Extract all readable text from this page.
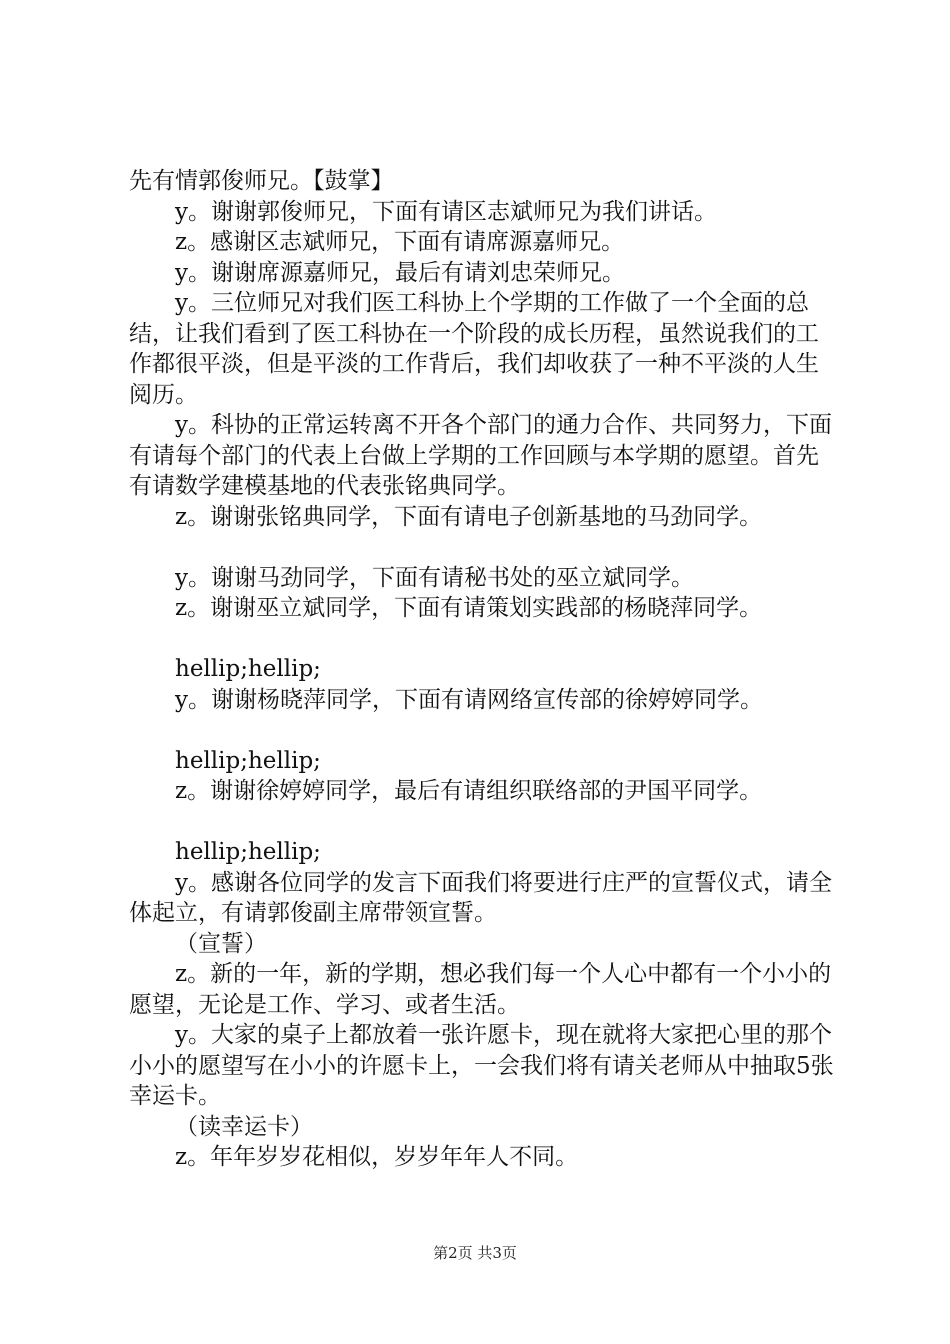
先有情郭俊师兄。【鼓掌】

y。谢谢郭俊师兄，下面有请区志斌师兄为我们讲话。

z。感谢区志斌师兄，下面有请席源嘉师兄。

y。谢谢席源嘉师兄，最后有请刘忠荣师兄。

y。三位师兄对我们医工科协上个学期的工作做了一个全面的总结，让我们看到了医工科协在一个阶段的成长历程，虽然说我们的工作都很平淡，但是平淡的工作背后，我们却收获了一种不平淡的人生阅历。

y。科协的正常运转离不开各个部门的通力合作、共同努力，下面有请每个部门的代表上台做上学期的工作回顾与本学期的愿望。首先有请数学建模基地的代表张铭典同学。

z。谢谢张铭典同学，下面有请电子创新基地的马劲同学。

y。谢谢马劲同学，下面有请秘书处的巫立斌同学。

z。谢谢巫立斌同学，下面有请策划实践部的杨晓萍同学。

hellip;hellip;

y。谢谢杨晓萍同学，下面有请网络宣传部的徐婷婷同学。

hellip;hellip;

z。谢谢徐婷婷同学，最后有请组织联络部的尹国平同学。

hellip;hellip;

y。感谢各位同学的发言下面我们将要进行庄严的宣誓仪式，请全体起立，有请郭俊副主席带领宣誓。

（宣誓）

z。新的一年，新的学期，想必我们每一个人心中都有一个小小的愿望，无论是工作、学习、或者生活。

y。大家的桌子上都放着一张许愿卡，现在就将大家把心里的那个小小的愿望写在小小的许愿卡上，一会我们将有请关老师从中抽取5张幸运卡。

（读幸运卡）

z。年年岁岁花相似，岁岁年年人不同。

第2页 共3页
